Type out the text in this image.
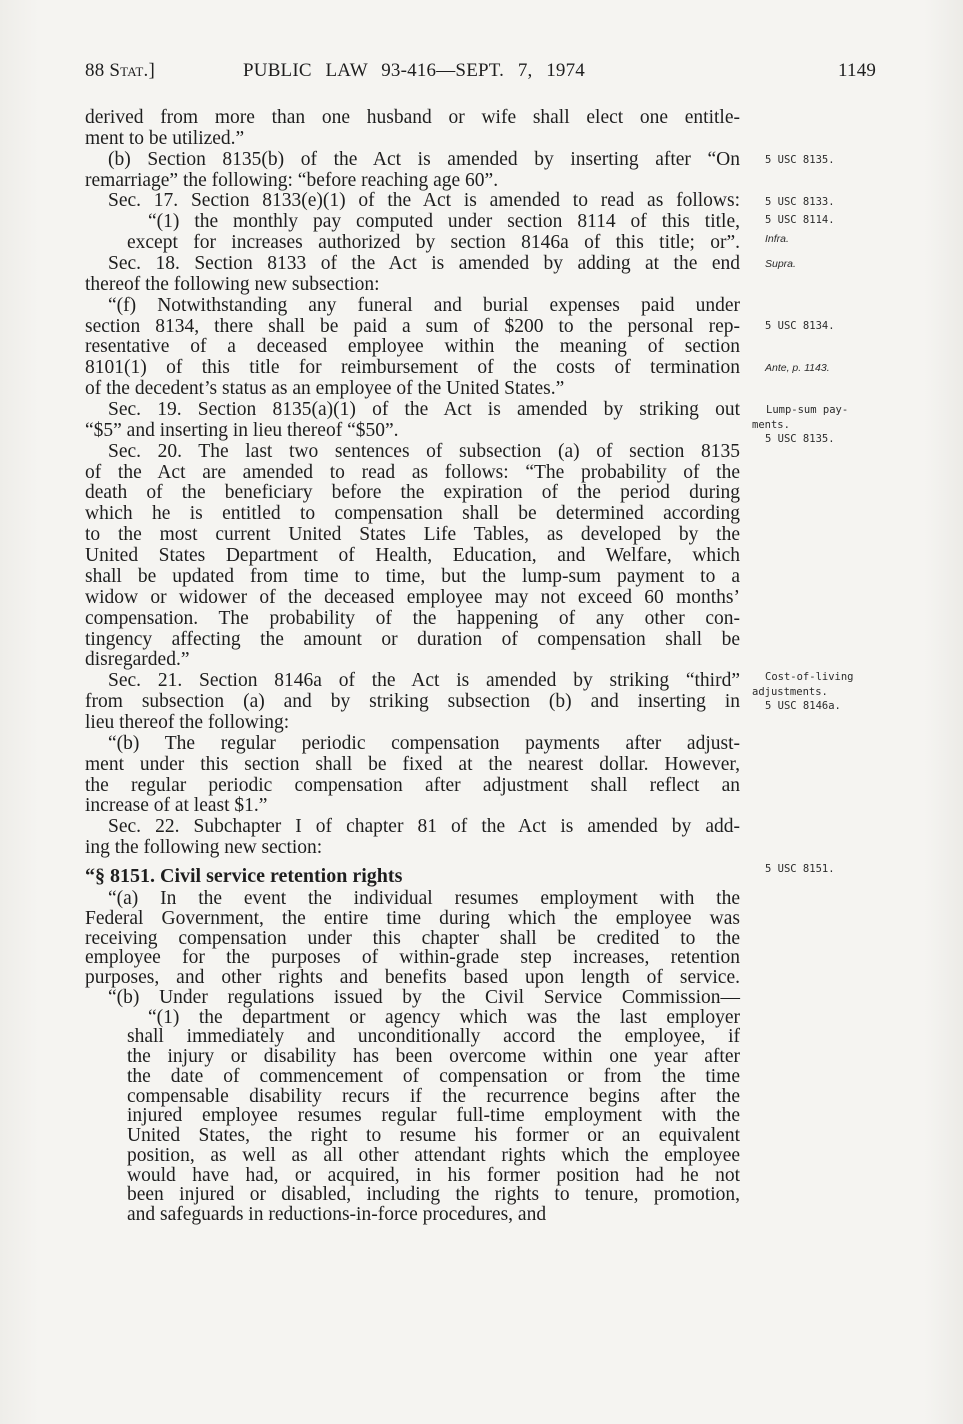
88 Stat.]	PUBLIC LAW 93-416—SEPT. 7, 1974	1149
derived from more than one husband or wife shall elect one entitle-
ment to be utilized.”
(b) Section 8135(b) of the Act is amended by inserting after “On
remarriage” the following: “before reaching age 60”.
Sec. 17. Section 8133(e)(1) of the Act is amended to read as follows:
“(1) the monthly pay computed under section 8114 of this title,
except for increases authorized by section 8146a of this title; or”.
Sec. 18. Section 8133 of the Act is amended by adding at the end
thereof the following new subsection:
“(f) Notwithstanding any funeral and burial expenses paid under
section 8134, there shall be paid a sum of $200 to the personal rep-
resentative of a deceased employee within the meaning of section
8101(1) of this title for reimbursement of the costs of termination
of the decedent’s status as an employee of the United States.”
Sec. 19. Section 8135(a)(1) of the Act is amended by striking out
“$5” and inserting in lieu thereof “$50”.
Sec. 20. The last two sentences of subsection (a) of section 8135
of the Act are amended to read as follows: “The probability of the
death of the beneficiary before the expiration of the period during
which he is entitled to compensation shall be determined according
to the most current United States Life Tables, as developed by the
United States Department of Health, Education, and Welfare, which
shall be updated from time to time, but the lump-sum payment to a
widow or widower of the deceased employee may not exceed 60 months’
compensation. The probability of the happening of any other con-
tingency affecting the amount or duration of compensation shall be
disregarded.”
Sec. 21. Section 8146a of the Act is amended by striking “third”
from subsection (a) and by striking subsection (b) and inserting in
lieu thereof the following:
“(b) The regular periodic compensation payments after adjust-
ment under this section shall be fixed at the nearest dollar. However,
the regular periodic compensation after adjustment shall reflect an
increase of at least $1.”
Sec. 22. Subchapter I of chapter 81 of the Act is amended by add-
ing the following new section:
“§ 8151. Civil service retention rights
“(a) In the event the individual resumes employment with the
Federal Government, the entire time during which the employee was
receiving compensation under this chapter shall be credited to the
employee for the purposes of within-grade step increases, retention
purposes, and other rights and benefits based upon length of service.
“(b) Under regulations issued by the Civil Service Commission—
“(1) the department or agency which was the last employer
shall immediately and unconditionally accord the employee, if
the injury or disability has been overcome within one year after
the date of commencement of compensation or from the time
compensable disability recurs if the recurrence begins after the
injured employee resumes regular full-time employment with the
United States, the right to resume his former or an equivalent
position, as well as all other attendant rights which the employee
would have had, or acquired, in his former position had he not
been injured or disabled, including the rights to tenure, promotion,
and safeguards in reductions-in-force procedures, and
5 USC 8135.
5 USC 8133.
5 USC 8114.
Infra.
Supra.
5 USC 8134.
Ante, p. 1143.
Lump-sum pay-
ments.
5 USC 8135.
Cost-of-living
adjustments.
5 USC 8146a.
5 USC 8151.
